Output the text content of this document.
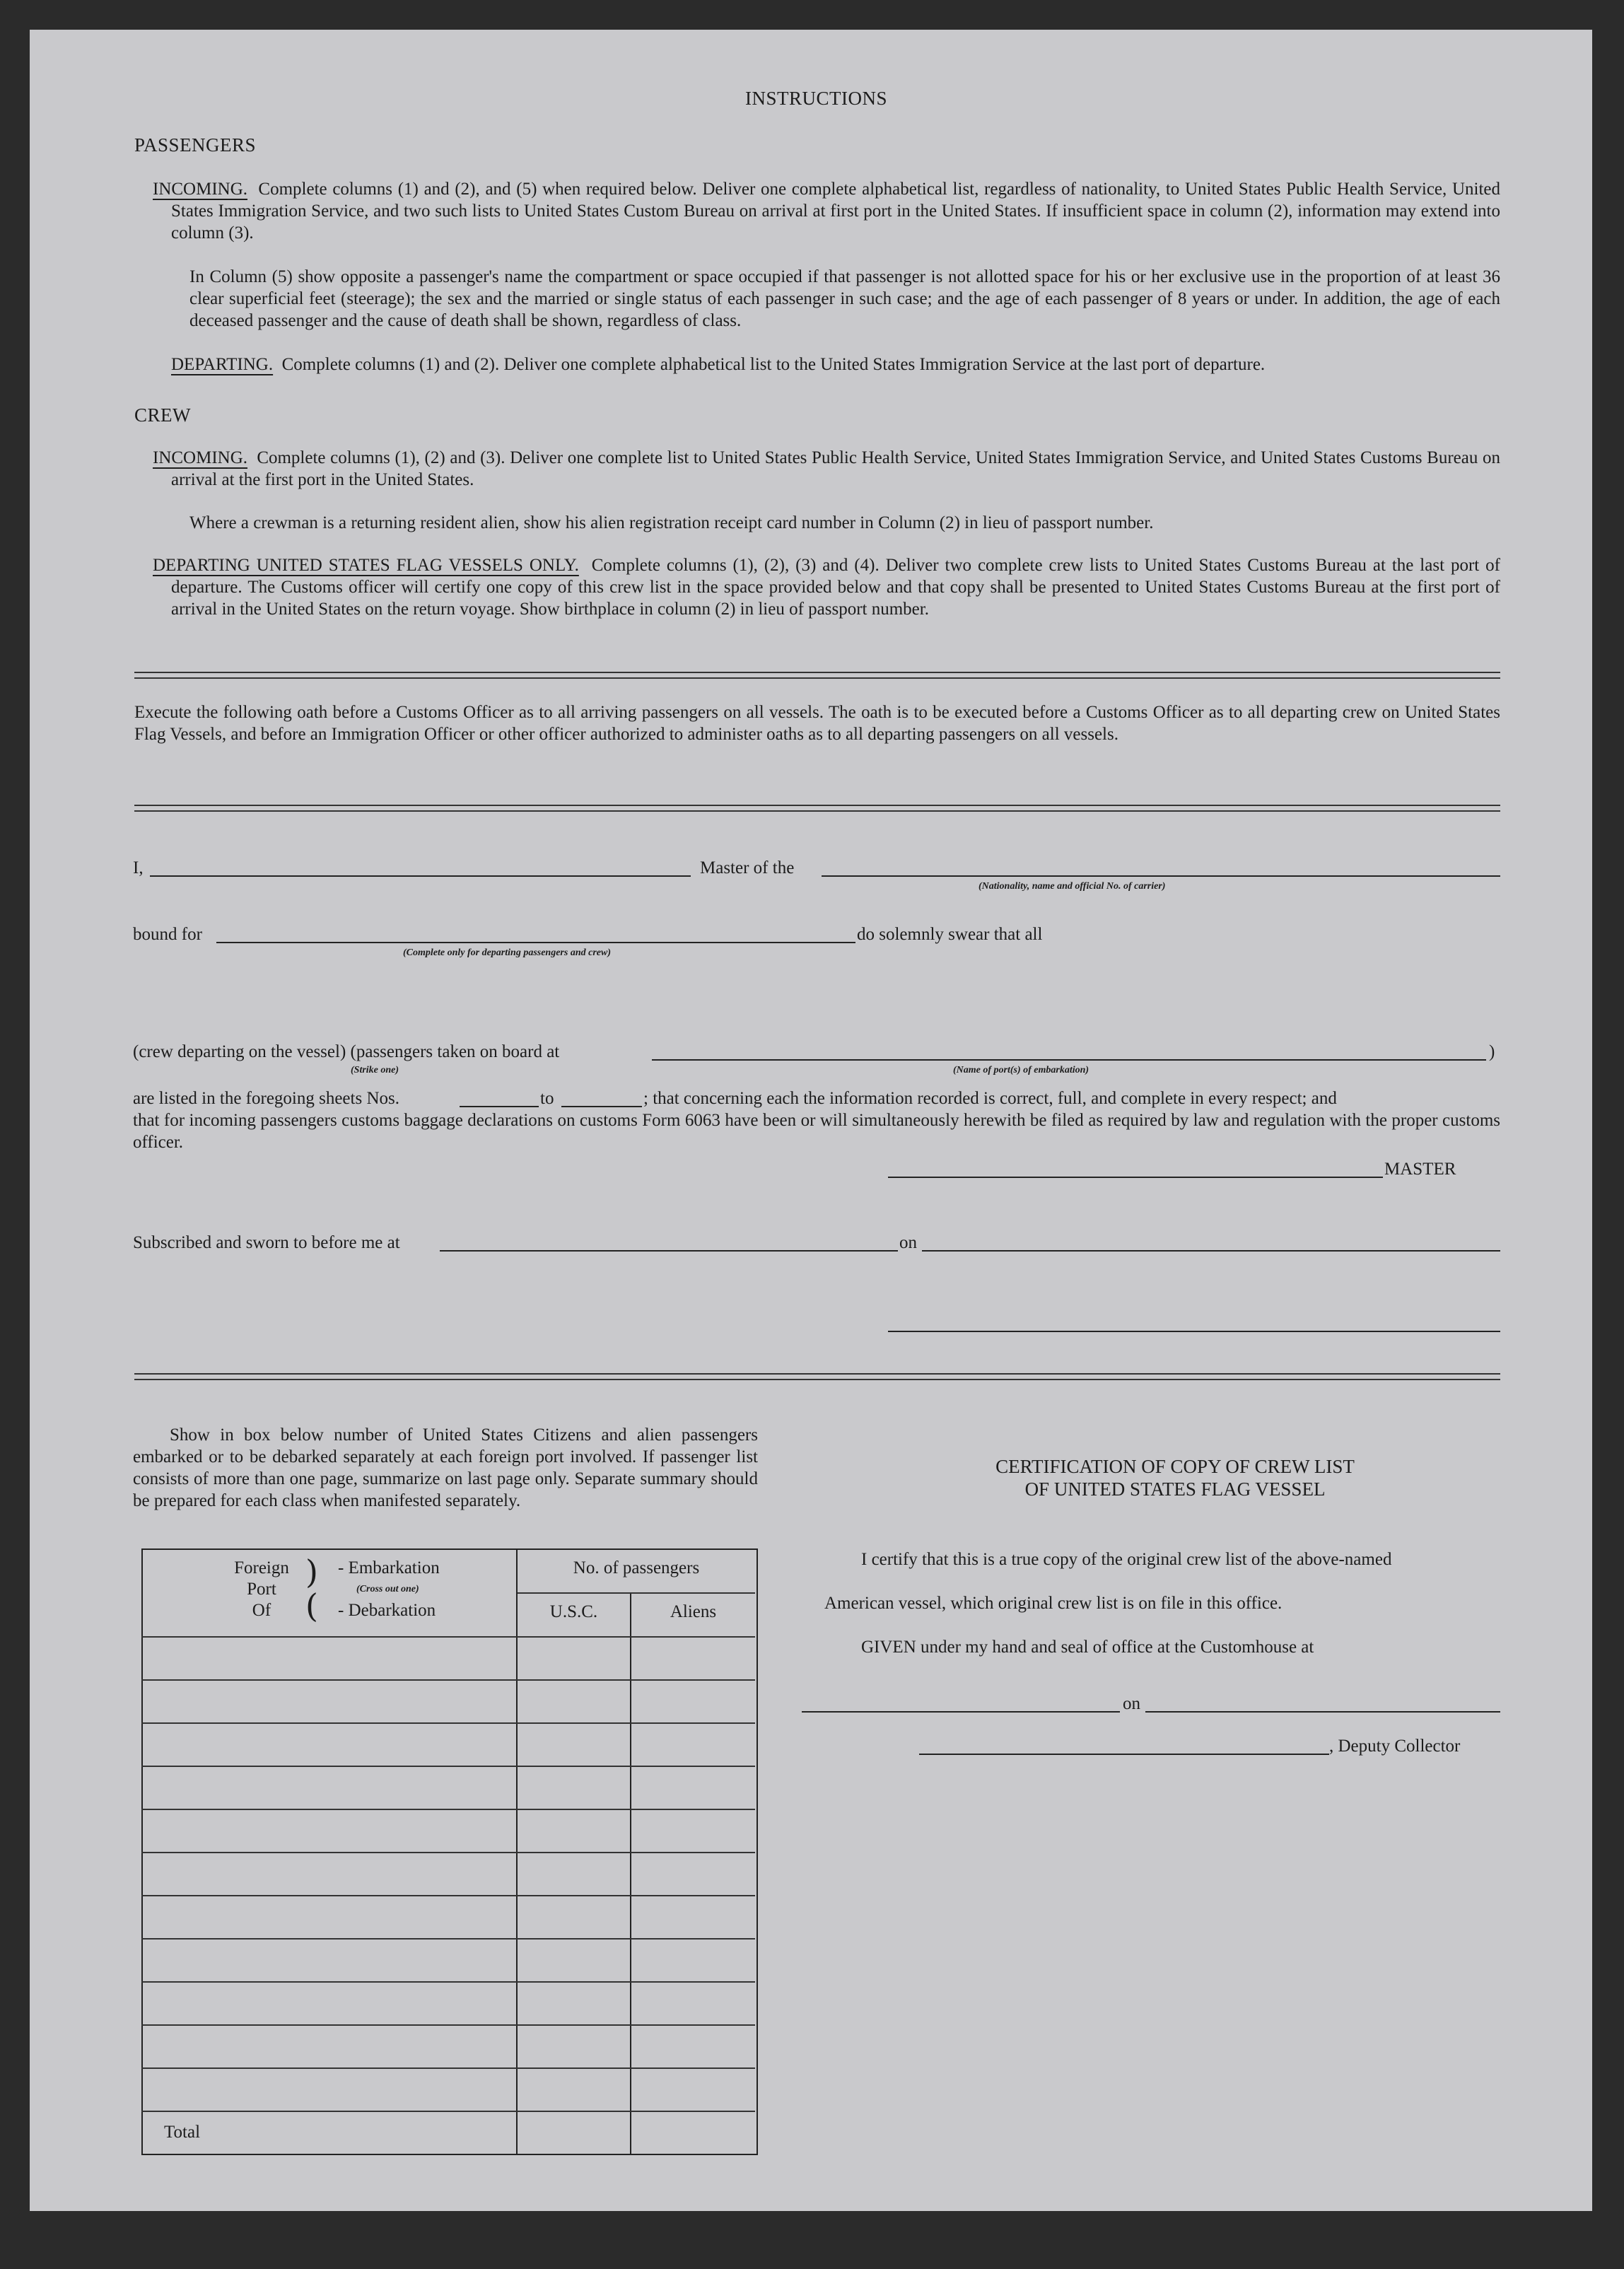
INSTRUCTIONS
PASSENGERS
INCOMING. Complete columns (1) and (2), and (5) when required below. Deliver one complete alphabetical list, regardless of nationality, to United States Public Health Service, United States Immigration Service, and two such lists to United States Custom Bureau on arrival at first port in the United States. If insufficient space in column (2), information may extend into column (3).
In Column (5) show opposite a passenger's name the compartment or space occupied if that passenger is not allotted space for his or her exclusive use in the proportion of at least 36 clear superficial feet (steerage); the sex and the married or single status of each passenger in such case; and the age of each passenger of 8 years or under. In addition, the age of each deceased passenger and the cause of death shall be shown, regardless of class.
DEPARTING. Complete columns (1) and (2). Deliver one complete alphabetical list to the United States Immigration Service at the last port of departure.
CREW
INCOMING. Complete columns (1), (2) and (3). Deliver one complete list to United States Public Health Service, United States Immigration Service, and United States Customs Bureau on arrival at the first port in the United States.
Where a crewman is a returning resident alien, show his alien registration receipt card number in Column (2) in lieu of passport number.
DEPARTING UNITED STATES FLAG VESSELS ONLY. Complete columns (1), (2), (3) and (4). Deliver two complete crew lists to United States Customs Bureau at the last port of departure. The Customs officer will certify one copy of this crew list in the space provided below and that copy shall be presented to United States Customs Bureau at the first port of arrival in the United States on the return voyage. Show birthplace in column (2) in lieu of passport number.
Execute the following oath before a Customs Officer as to all arriving passengers on all vessels. The oath is to be executed before a Customs Officer as to all departing crew on United States Flag Vessels, and before an Immigration Officer or other officer authorized to administer oaths as to all departing passengers on all vessels.
I,	Master of the
(Nationality, name and official No. of carrier)
bound for
(Complete only for departing passengers and crew)
do solemnly swear that all
(crew departing on the vessel) (passengers taken on board at	)
(Strike one)	(Name of port(s) of embarkation)
are listed in the foregoing sheets Nos.	to	; that concerning each the information recorded is correct, full, and complete in every respect; and
that for incoming passengers customs baggage declarations on customs Form 6063 have been or will simultaneously herewith be filed as required by law and regulation with the proper customs officer.
MASTER
Subscribed and sworn to before me at	on
Show in box below number of United States Citizens and alien passengers embarked or to be debarked separately at each foreign port involved. If passenger list consists of more than one page, summarize on last page only. Separate summary should be prepared for each class when manifested separately.
Foreign
Port
Of
)
(
- Embarkation
(Cross out one)
- Debarkation
No. of passengers
U.S.C.	Aliens
Total
CERTIFICATION OF COPY OF CREW LIST
OF UNITED STATES FLAG VESSEL
I certify that this is a true copy of the original crew list of the above-named
American vessel, which original crew list is on file in this office.
GIVEN under my hand and seal of office at the Customhouse at
on
, Deputy Collector
